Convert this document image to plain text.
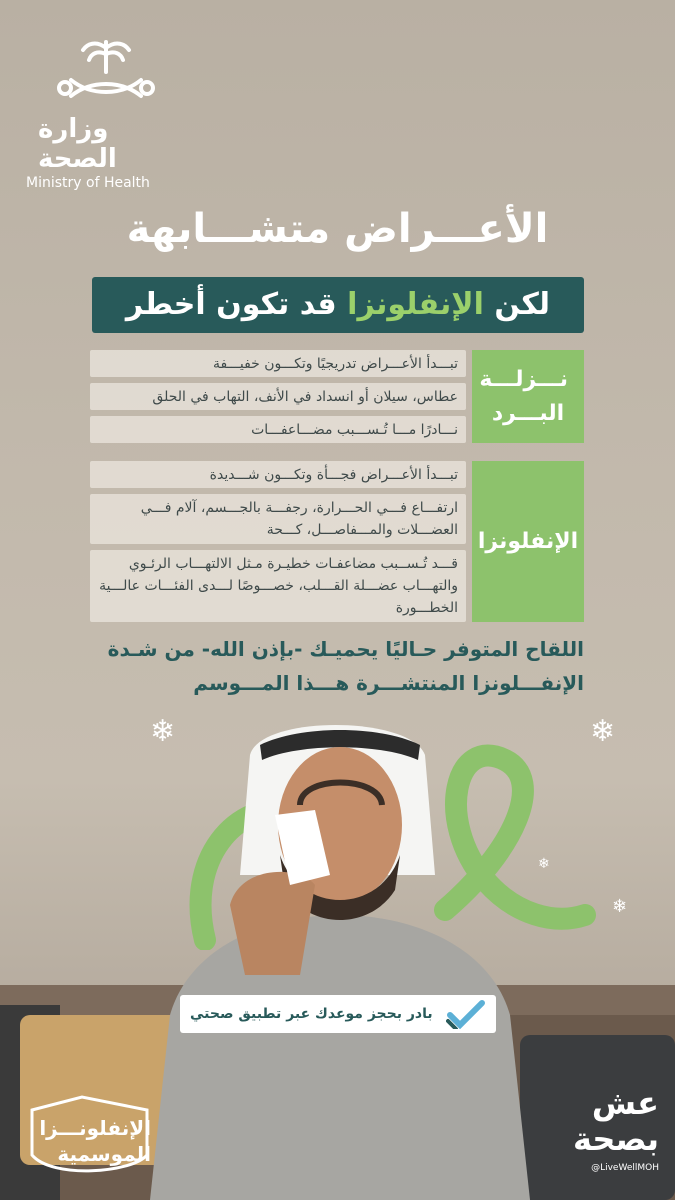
وزارة الصحة
Ministry of Health
الأعـــراض متشـــابهة
لكن الإنفلونزا قد تكون أخطر
نـــزلـــة البـــرد
تبـــدأ الأعـــراض تدريجيًا وتكـــون خفيـــفة
عطاس، سيلان أو انسداد في الأنف، التهاب في الحلق
نـــادرًا مـــا تُـســـبب مضـــاعفـــات
الإنفلونزا
تبـــدأ الأعـــراض فجـــأة وتكـــون شـــديدة
ارتفـــاع فـــي الحـــرارة، رجفـــة بالجـــسم، آلام فـــي العضـــلات والمـــفاصـــل، كـــحة
قـــد تُـســبب مضاعفـات خطيـرة مـثل الالتهـــاب الرئـوي والتهـــاب عضـــلة القـــلب، خصـــوصًا لـــدى الفئـــات عالـــية الخطـــورة
اللقاح المتوفر حـاليًا يحميـك -بإذن الله- من شـدة
الإنفـــلونزا المنتشـــرة هـــذا المـــوسم
❄	❄
❄
❄
بادر بحجز موعدك عبر تطبيق صحتي
الإنفلونـــزا
الموسمية
عش
بصحة
@LiveWellMOH
